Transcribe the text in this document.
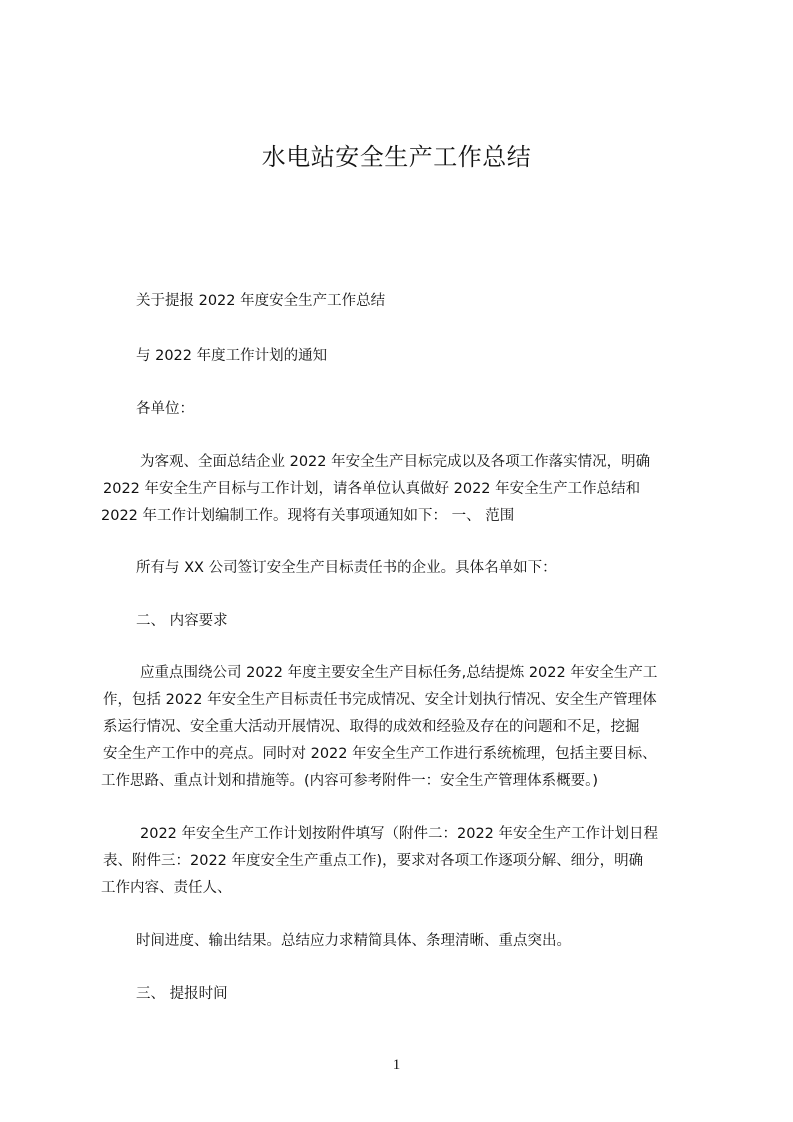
水电站安全生产工作总结
关于提报 2022 年度安全生产工作总结
与 2022 年度工作计划的通知
各单位：
为客观、全面总结企业 2022 年安全生产目标完成以及各项工作落实情况，明确
2022 年安全生产目标与工作计划，请各单位认真做好 2022 年安全生产工作总结和
2022 年工作计划编制工作。现将有关事项通知如下： 一、 范围
所有与 XX 公司签订安全生产目标责任书的企业。具体名单如下：
二、 内容要求
应重点围绕公司 2022 年度主要安全生产目标任务,总结提炼 2022 年安全生产工
作，包括 2022 年安全生产目标责任书完成情况、安全计划执行情况、安全生产管理体
系运行情况、安全重大活动开展情况、取得的成效和经验及存在的问题和不足，挖掘
安全生产工作中的亮点。同时对 2022 年安全生产工作进行系统梳理，包括主要目标、
工作思路、重点计划和措施等。(内容可参考附件一：安全生产管理体系概要。)
2022 年安全生产工作计划按附件填写（附件二：2022 年安全生产工作计划日程
表、附件三：2022 年度安全生产重点工作)，要求对各项工作逐项分解、细分，明确
工作内容、责任人、
时间进度、输出结果。总结应力求精简具体、条理清晰、重点突出。
三、 提报时间
1
